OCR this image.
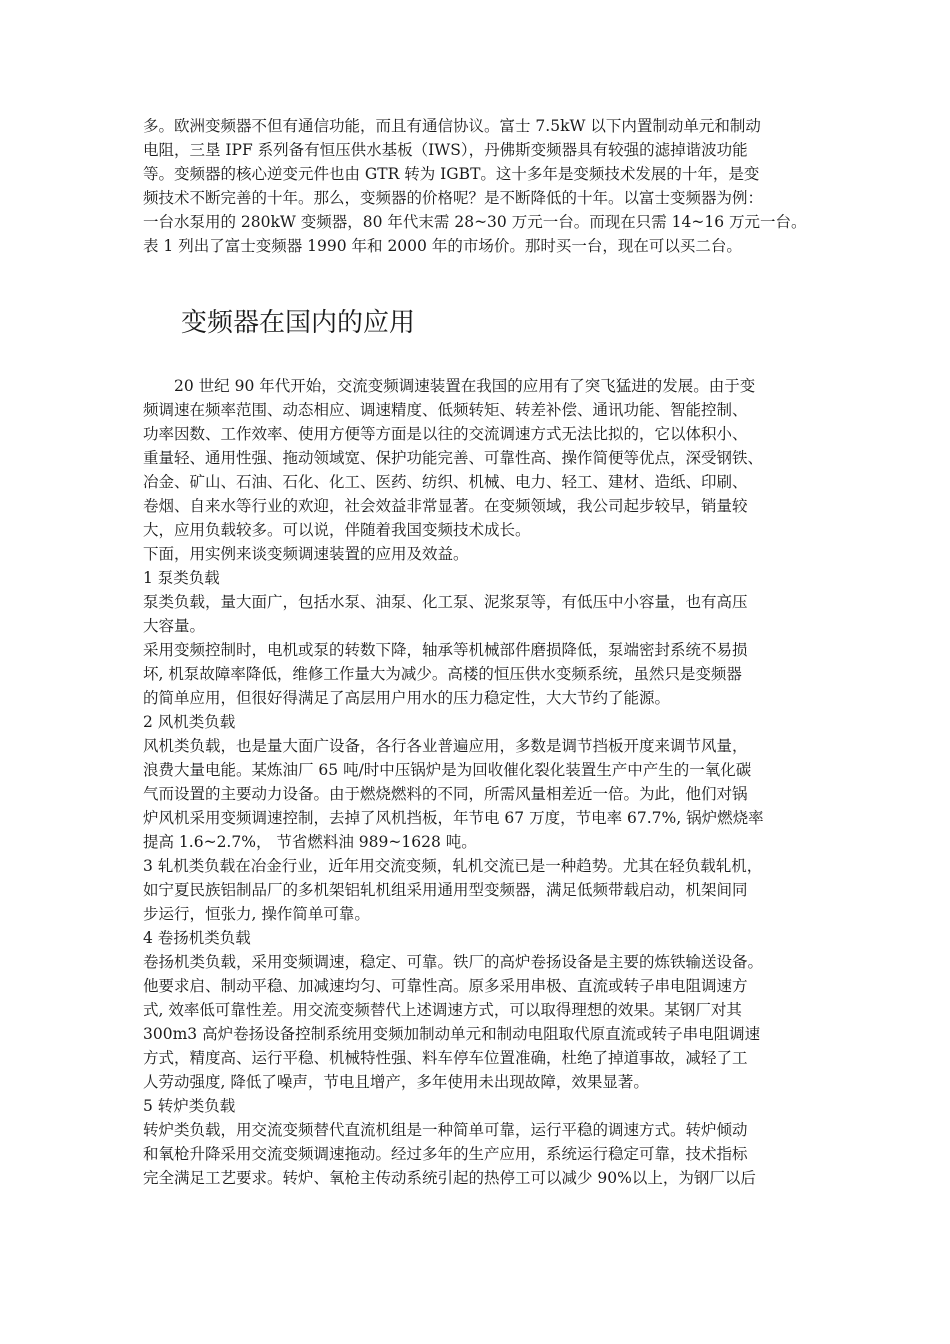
多。欧洲变频器不但有通信功能，而且有通信协议。富士 7.5kW 以下内置制动单元和制动
电阻，三垦 IPF 系列备有恒压供水基板（IWS），丹佛斯变频器具有较强的滤掉谐波功能
等。变频器的核心逆变元件也由 GTR 转为 IGBT。这十多年是变频技术发展的十年，是变
频技术不断完善的十年。那么，变频器的价格呢？是不断降低的十年。以富士变频器为例：
一台水泵用的 280kW 变频器，80 年代末需 28~30 万元一台。而现在只需 14~16 万元一台。
表 1 列出了富士变频器 1990 年和 2000 年的市场价。那时买一台，现在可以买二台。
变频器在国内的应用
　　20 世纪 90 年代开始，交流变频调速装置在我国的应用有了突飞猛进的发展。由于变
频调速在频率范围、动态相应、调速精度、低频转矩、转差补偿、通讯功能、智能控制、
功率因数、工作效率、使用方便等方面是以往的交流调速方式无法比拟的，它以体积小、
重量轻、通用性强、拖动领域宽、保护功能完善、可靠性高、操作简便等优点，深受钢铁、
冶金、矿山、石油、石化、化工、医药、纺织、机械、电力、轻工、建材、造纸、印刷、
卷烟、自来水等行业的欢迎，社会效益非常显著。在变频领域，我公司起步较早，销量较
大，应用负载较多。可以说，伴随着我国变频技术成长。
下面，用实例来谈变频调速装置的应用及效益。
1 泵类负载
泵类负载，量大面广，包括水泵、油泵、化工泵、泥浆泵等，有低压中小容量，也有高压
大容量。
采用变频控制时，电机或泵的转数下降，轴承等机械部件磨损降低，泵端密封系统不易损
坏, 机泵故障率降低，维修工作量大为减少。高楼的恒压供水变频系统，虽然只是变频器
的简单应用，但很好得满足了高层用户用水的压力稳定性，大大节约了能源。
2 风机类负载
风机类负载，也是量大面广设备，各行各业普遍应用，多数是调节挡板开度来调节风量，
浪费大量电能。某炼油厂 65 吨/时中压锅炉是为回收催化裂化装置生产中产生的一氧化碳
气而设置的主要动力设备。由于燃烧燃料的不同，所需风量相差近一倍。为此，他们对锅
炉风机采用变频调速控制，去掉了风机挡板，年节电 67 万度，节电率 67.7%, 锅炉燃烧率
提高 1.6~2.7%， 节省燃料油 989~1628 吨。
3 轧机类负载在冶金行业，近年用交流变频，轧机交流已是一种趋势。尤其在轻负载轧机，
如宁夏民族铝制品厂的多机架铝轧机组采用通用型变频器，满足低频带载启动，机架间同
步运行，恒张力, 操作简单可靠。
4 卷扬机类负载
卷扬机类负载，采用变频调速，稳定、可靠。铁厂的高炉卷扬设备是主要的炼铁输送设备。
他要求启、制动平稳、加减速均匀、可靠性高。原多采用串极、直流或转子串电阻调速方
式, 效率低可靠性差。用交流变频替代上述调速方式，可以取得理想的效果。某钢厂对其
300m3 高炉卷扬设备控制系统用变频加制动单元和制动电阻取代原直流或转子串电阻调速
方式，精度高、运行平稳、机械特性强、料车停车位置准确，杜绝了掉道事故，减轻了工
人劳动强度, 降低了噪声，节电且增产，多年使用未出现故障，效果显著。
5 转炉类负载
转炉类负载，用交流变频替代直流机组是一种简单可靠，运行平稳的调速方式。转炉倾动
和氧枪升降采用交流变频调速拖动。经过多年的生产应用，系统运行稳定可靠，技术指标
完全满足工艺要求。转炉、氧枪主传动系统引起的热停工可以减少 90%以上，为钢厂以后
